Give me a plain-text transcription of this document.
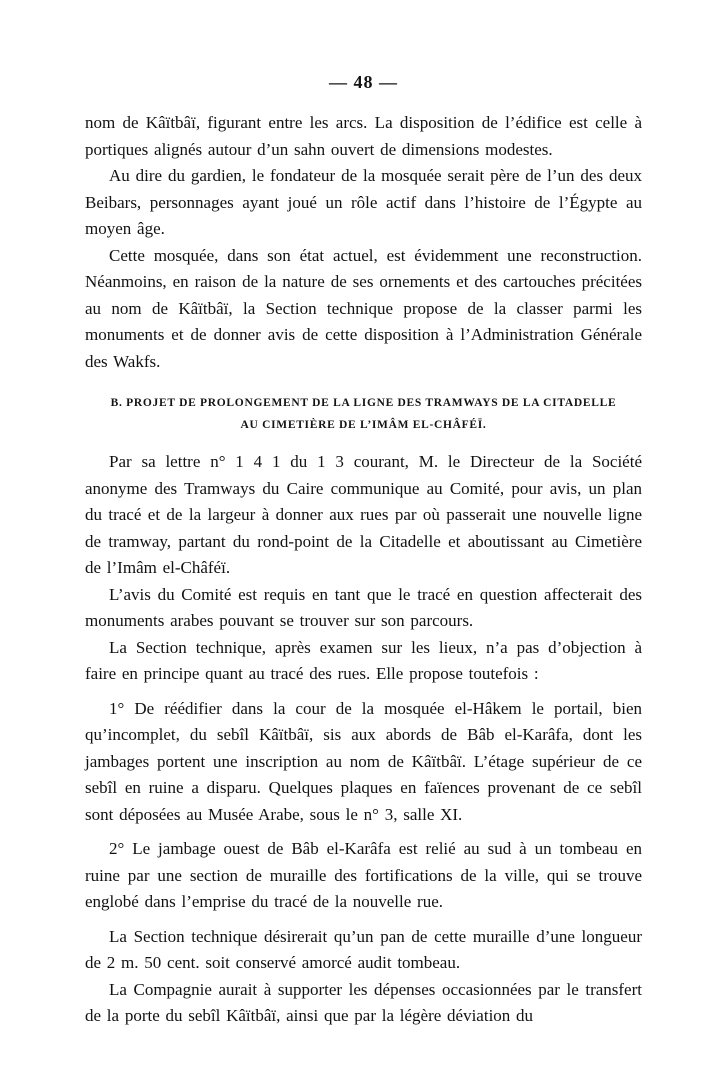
— 48 —

nom de Kâïtbâï, figurant entre les arcs. La disposition de l’édifice est celle à portiques alignés autour d’un sahn ouvert de dimensions modestes.

Au dire du gardien, le fondateur de la mosquée serait père de l’un des deux Beibars, personnages ayant joué un rôle actif dans l’histoire de l’Égypte au moyen âge.

Cette mosquée, dans son état actuel, est évidemment une reconstruction. Néanmoins, en raison de la nature de ses ornements et des cartouches précitées au nom de Kâïtbâï, la Section technique propose de la classer parmi les monuments et de donner avis de cette disposition à l’Administration Générale des Wakfs.

B. PROJET DE PROLONGEMENT DE LA LIGNE DES TRAMWAYS DE LA CITADELLE
AU CIMETIÈRE DE L’IMÂM EL-CHÂFÉÏ.

Par sa lettre n° 1 4 1 du 1 3 courant, M. le Directeur de la Société anonyme des Tramways du Caire communique au Comité, pour avis, un plan du tracé et de la largeur à donner aux rues par où passerait une nouvelle ligne de tramway, partant du rond-point de la Citadelle et aboutissant au Cimetière de l’Imâm el-Châféï.

L’avis du Comité est requis en tant que le tracé en question affecterait des monuments arabes pouvant se trouver sur son parcours.

La Section technique, après examen sur les lieux, n’a pas d’objection à faire en principe quant au tracé des rues. Elle propose toutefois :

1° De réédifier dans la cour de la mosquée el-Hâkem le portail, bien qu’incomplet, du sebîl Kâïtbâï, sis aux abords de Bâb el-Karâfa, dont les jambages portent une inscription au nom de Kâïtbâï. L’étage supérieur de ce sebîl en ruine a disparu. Quelques plaques en faïences provenant de ce sebîl sont déposées au Musée Arabe, sous le n° 3, salle XI.

2° Le jambage ouest de Bâb el-Karâfa est relié au sud à un tombeau en ruine par une section de muraille des fortifications de la ville, qui se trouve englobé dans l’emprise du tracé de la nouvelle rue.

La Section technique désirerait qu’un pan de cette muraille d’une longueur de 2 m. 50 cent. soit conservé amorcé audit tombeau.

La Compagnie aurait à supporter les dépenses occasionnées par le transfert de la porte du sebîl Kâïtbâï, ainsi que par la légère déviation du
